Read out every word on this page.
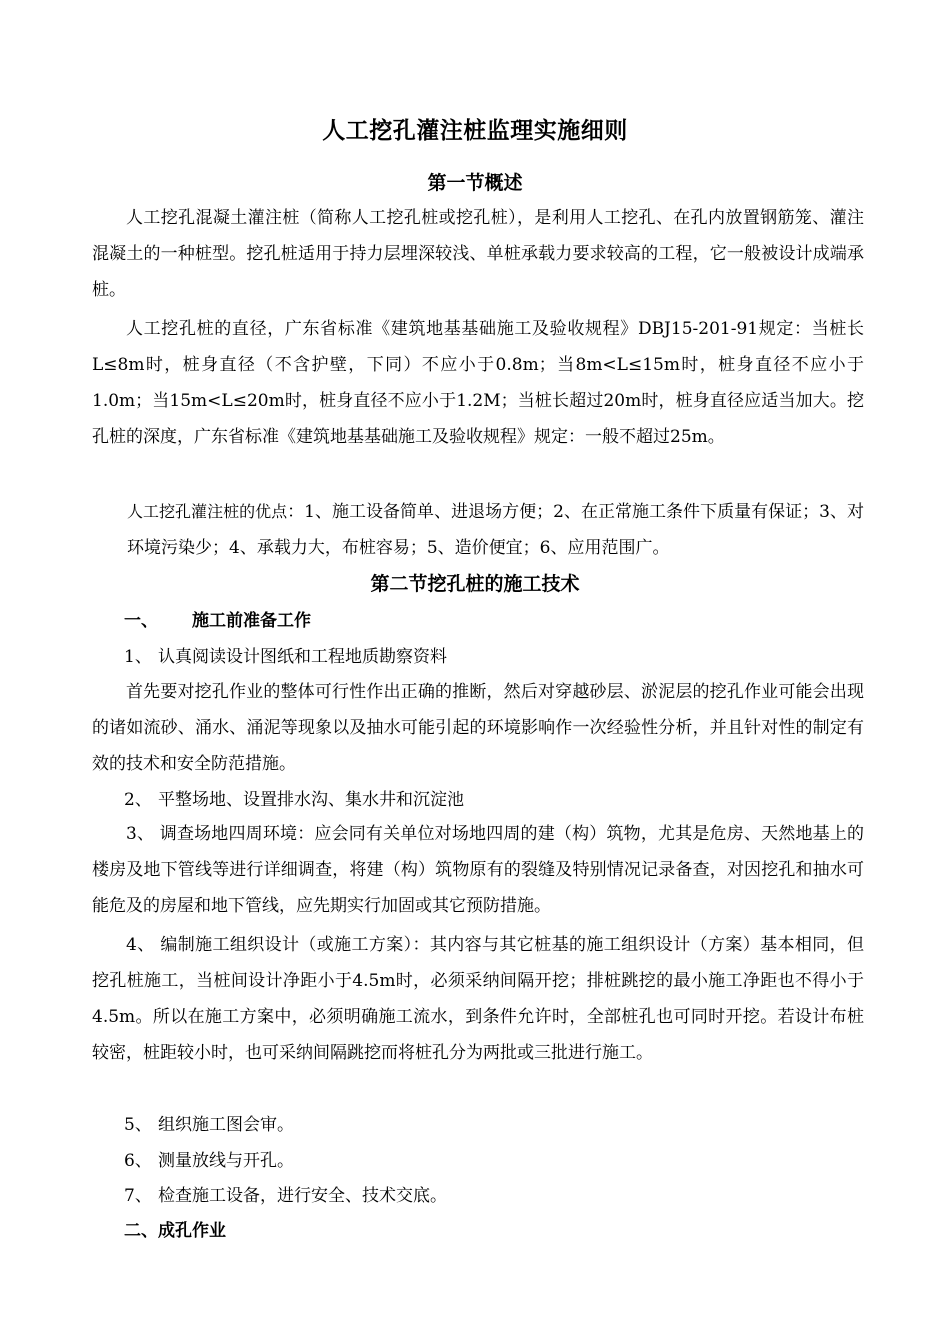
人工挖孔灌注桩监理实施细则
第一节概述

人工挖孔混凝土灌注桩（简称人工挖孔桩或挖孔桩），是利用人工挖孔、在孔内放置钢筋笼、灌注混凝土的一种桩型。挖孔桩适用于持力层埋深较浅、单桩承载力要求较高的工程，它一般被设计成端承桩。

人工挖孔桩的直径，广东省标准《建筑地基基础施工及验收规程》DBJ15-201-91规定：当桩长L≤8m时，桩身直径（不含护壁，下同）不应小于0.8m；当8m<L≤15m时，桩身直径不应小于1.0m；当15m<L≤20m时，桩身直径不应小于1.2M；当桩长超过20m时，桩身直径应适当加大。挖孔桩的深度，广东省标准《建筑地基基础施工及验收规程》规定：一般不超过25m。

人工挖孔灌注桩的优点：1、施工设备简单、进退场方便；2、在正常施工条件下质量有保证；3、对环境污染少；4、承载力大，布桩容易；5、造价便宜；6、应用范围广。

第二节挖孔桩的施工技术
一、 施工前准备工作
1、 认真阅读设计图纸和工程地质勘察资料

首先要对挖孔作业的整体可行性作出正确的推断，然后对穿越砂层、淤泥层的挖孔作业可能会出现的诸如流砂、涌水、涌泥等现象以及抽水可能引起的环境影响作一次经验性分析，并且针对性的制定有效的技术和安全防范措施。

2、 平整场地、设置排水沟、集水井和沉淀池

3、 调查场地四周环境：应会同有关单位对场地四周的建（构）筑物，尤其是危房、天然地基上的楼房及地下管线等进行详细调查，将建（构）筑物原有的裂缝及特别情况记录备查，对因挖孔和抽水可能危及的房屋和地下管线，应先期实行加固或其它预防措施。

4、 编制施工组织设计（或施工方案）：其内容与其它桩基的施工组织设计（方案）基本相同，但挖孔桩施工，当桩间设计净距小于4.5m时，必须采纳间隔开挖；排桩跳挖的最小施工净距也不得小于4.5m。所以在施工方案中，必须明确施工流水，到条件允许时，全部桩孔也可同时开挖。若设计布桩较密，桩距较小时，也可采纳间隔跳挖而将桩孔分为两批或三批进行施工。

5、 组织施工图会审。
6、 测量放线与开孔。
7、 检查施工设备，进行安全、技术交底。
二、成孔作业
